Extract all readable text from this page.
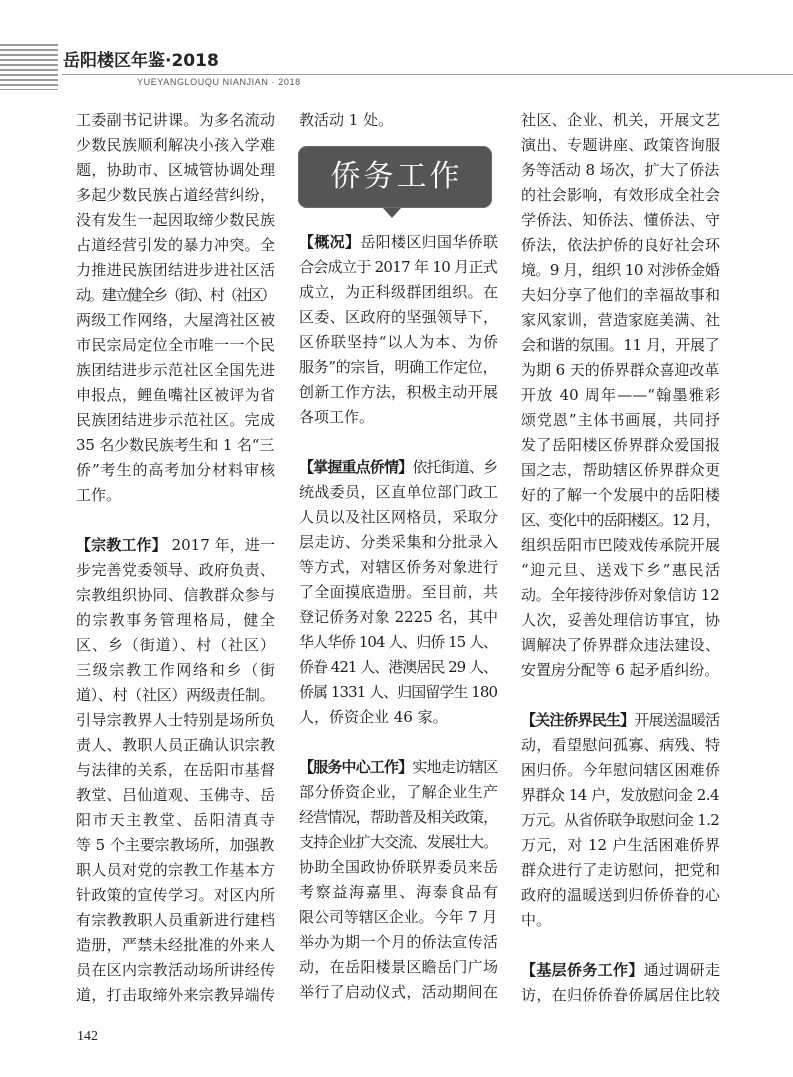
岳阳楼区年鉴·2018
YUEYANGLOUQU NIANJIAN · 2018
工委副书记讲课。为多名流动
少数民族顺利解决小孩入学难
题，协助市、区城管协调处理
多起少数民族占道经营纠纷，
没有发生一起因取缔少数民族
占道经营引发的暴力冲突。全
力推进民族团结进步进社区活
动。建立健全乡（街）、村（社区）
两级工作网络，大屋湾社区被
市民宗局定位全市唯一一个民
族团结进步示范社区全国先进
申报点，鲤鱼嘴社区被评为省
民族团结进步示范社区。完成
35 名少数民族考生和 1 名“三
侨”考生的高考加分材料审核
工作。
【宗教工作】 2017 年，进一
步完善党委领导、政府负责、
宗教组织协同、信教群众参与
的宗教事务管理格局，健全
区、乡（街道）、村（社区）
三级宗教工作网络和乡（街
道）、村（社区）两级责任制。
引导宗教界人士特别是场所负
责人、教职人员正确认识宗教
与法律的关系，在岳阳市基督
教堂、吕仙道观、玉佛寺、岳
阳市天主教堂、岳阳清真寺
等 5 个主要宗教场所，加强教
职人员对党的宗教工作基本方
针政策的宣传学习。对区内所
有宗教教职人员重新进行建档
造册，严禁未经批准的外来人
员在区内宗教活动场所讲经传
道，打击取缔外来宗教异端传
教活动 1 处。
侨务工作
【概况】岳阳楼区归国华侨联
合会成立于 2017 年 10 月正式
成立，为正科级群团组织。在
区委、区政府的坚强领导下，
区侨联坚持“以人为本、为侨
服务”的宗旨，明确工作定位，
创新工作方法，积极主动开展
各项工作。
【掌握重点侨情】依托街道、乡
统战委员，区直单位部门政工
人员以及社区网格员，采取分
层走访、分类采集和分批录入
等方式，对辖区侨务对象进行
了全面摸底造册。至目前，共
登记侨务对象 2225 名，其中
华人华侨 104 人、归侨 15 人、
侨眷 421 人、港澳居民 29 人、
侨属 1331 人、归国留学生 180
人，侨资企业 46 家。
【服务中心工作】实地走访辖区
部分侨资企业，了解企业生产
经营情况，帮助普及相关政策，
支持企业扩大交流、发展壮大。
协助全国政协侨联界委员来岳
考察益海嘉里、海泰食品有
限公司等辖区企业。今年 7 月
举办为期一个月的侨法宣传活
动，在岳阳楼景区瞻岳门广场
举行了启动仪式，活动期间在
社区、企业、机关，开展文艺
演出、专题讲座、政策咨询服
务等活动 8 场次，扩大了侨法
的社会影响，有效形成全社会
学侨法、知侨法、懂侨法、守
侨法，依法护侨的良好社会环
境。9 月，组织 10 对涉侨金婚
夫妇分享了他们的幸福故事和
家风家训，营造家庭美满、社
会和谐的氛围。11 月，开展了
为期 6 天的侨界群众喜迎改革
开放 40 周年——“翰墨雅彩
颂党恩”主体书画展，共同抒
发了岳阳楼区侨界群众爱国报
国之志，帮助辖区侨界群众更
好的了解一个发展中的岳阳楼
区、变化中的岳阳楼区。12 月，
组织岳阳市巴陵戏传承院开展
“迎元旦、送戏下乡”惠民活
动。全年接待涉侨对象信访 12
人次，妥善处理信访事宜，协
调解决了侨界群众违法建设、
安置房分配等 6 起矛盾纠纷。
【关注侨界民生】开展送温暖活
动，看望慰问孤寡、病残、特
困归侨。今年慰问辖区困难侨
界群众 14 户，发放慰问金 2.4
万元。从省侨联争取慰问金 1.2
万元，对 12 户生活困难侨界
群众进行了走访慰问，把党和
政府的温暖送到归侨侨眷的心
中。
【基层侨务工作】通过调研走
访，在归侨侨眷侨属居住比较
142
